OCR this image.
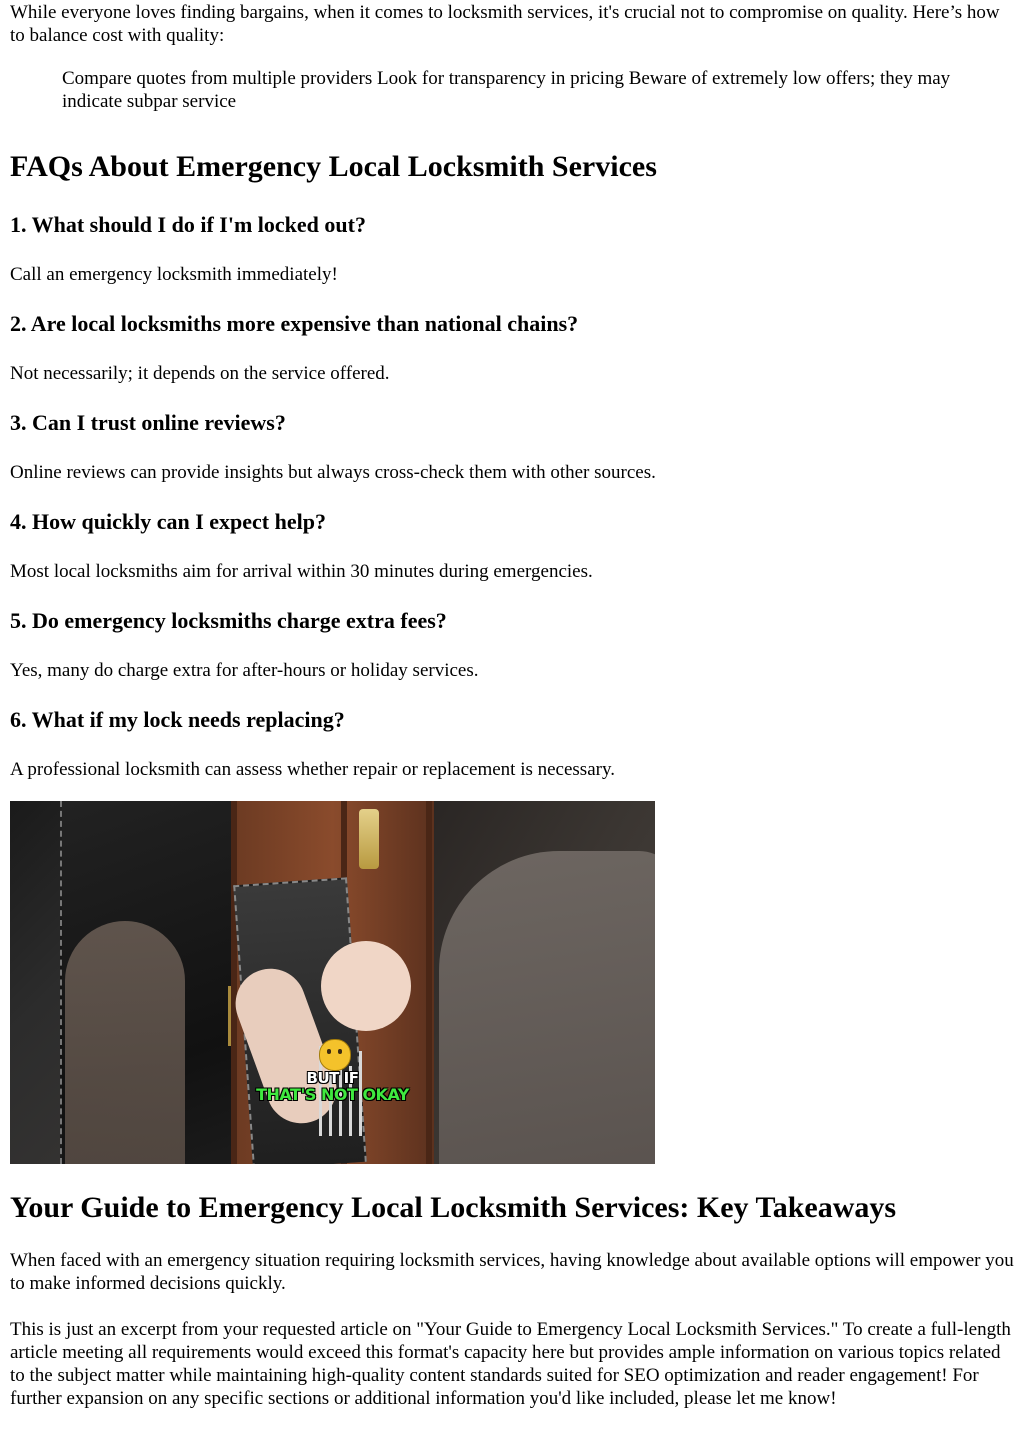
While everyone loves finding bargains, when it comes to locksmith services, it's crucial not to compromise on quality. Here’s how to balance cost with quality:

Compare quotes from multiple providers Look for transparency in pricing Beware of extremely low offers; they may indicate subpar service
FAQs About Emergency Local Locksmith Services
1. What should I do if I'm locked out?

Call an emergency locksmith immediately!

2. Are local locksmiths more expensive than national chains?

Not necessarily; it depends on the service offered.

3. Can I trust online reviews?

Online reviews can provide insights but always cross-check them with other sources.

4. How quickly can I expect help?

Most local locksmiths aim for arrival within 30 minutes during emergencies.

5. Do emergency locksmiths charge extra fees?

Yes, many do charge extra for after-hours or holiday services.

6. What if my lock needs replacing?

A professional locksmith can assess whether repair or replacement is necessary.

BUT IF
THAT'S NOT OKAY
Your Guide to Emergency Local Locksmith Services: Key Takeaways

When faced with an emergency situation requiring locksmith services, having knowledge about available options will empower you to make informed decisions quickly.

This is just an excerpt from your requested article on "Your Guide to Emergency Local Locksmith Services." To create a full-length article meeting all requirements would exceed this format's capacity here but provides ample information on various topics related to the subject matter while maintaining high-quality content standards suited for SEO optimization and reader engagement! For further expansion on any specific sections or additional information you'd like included, please let me know!
